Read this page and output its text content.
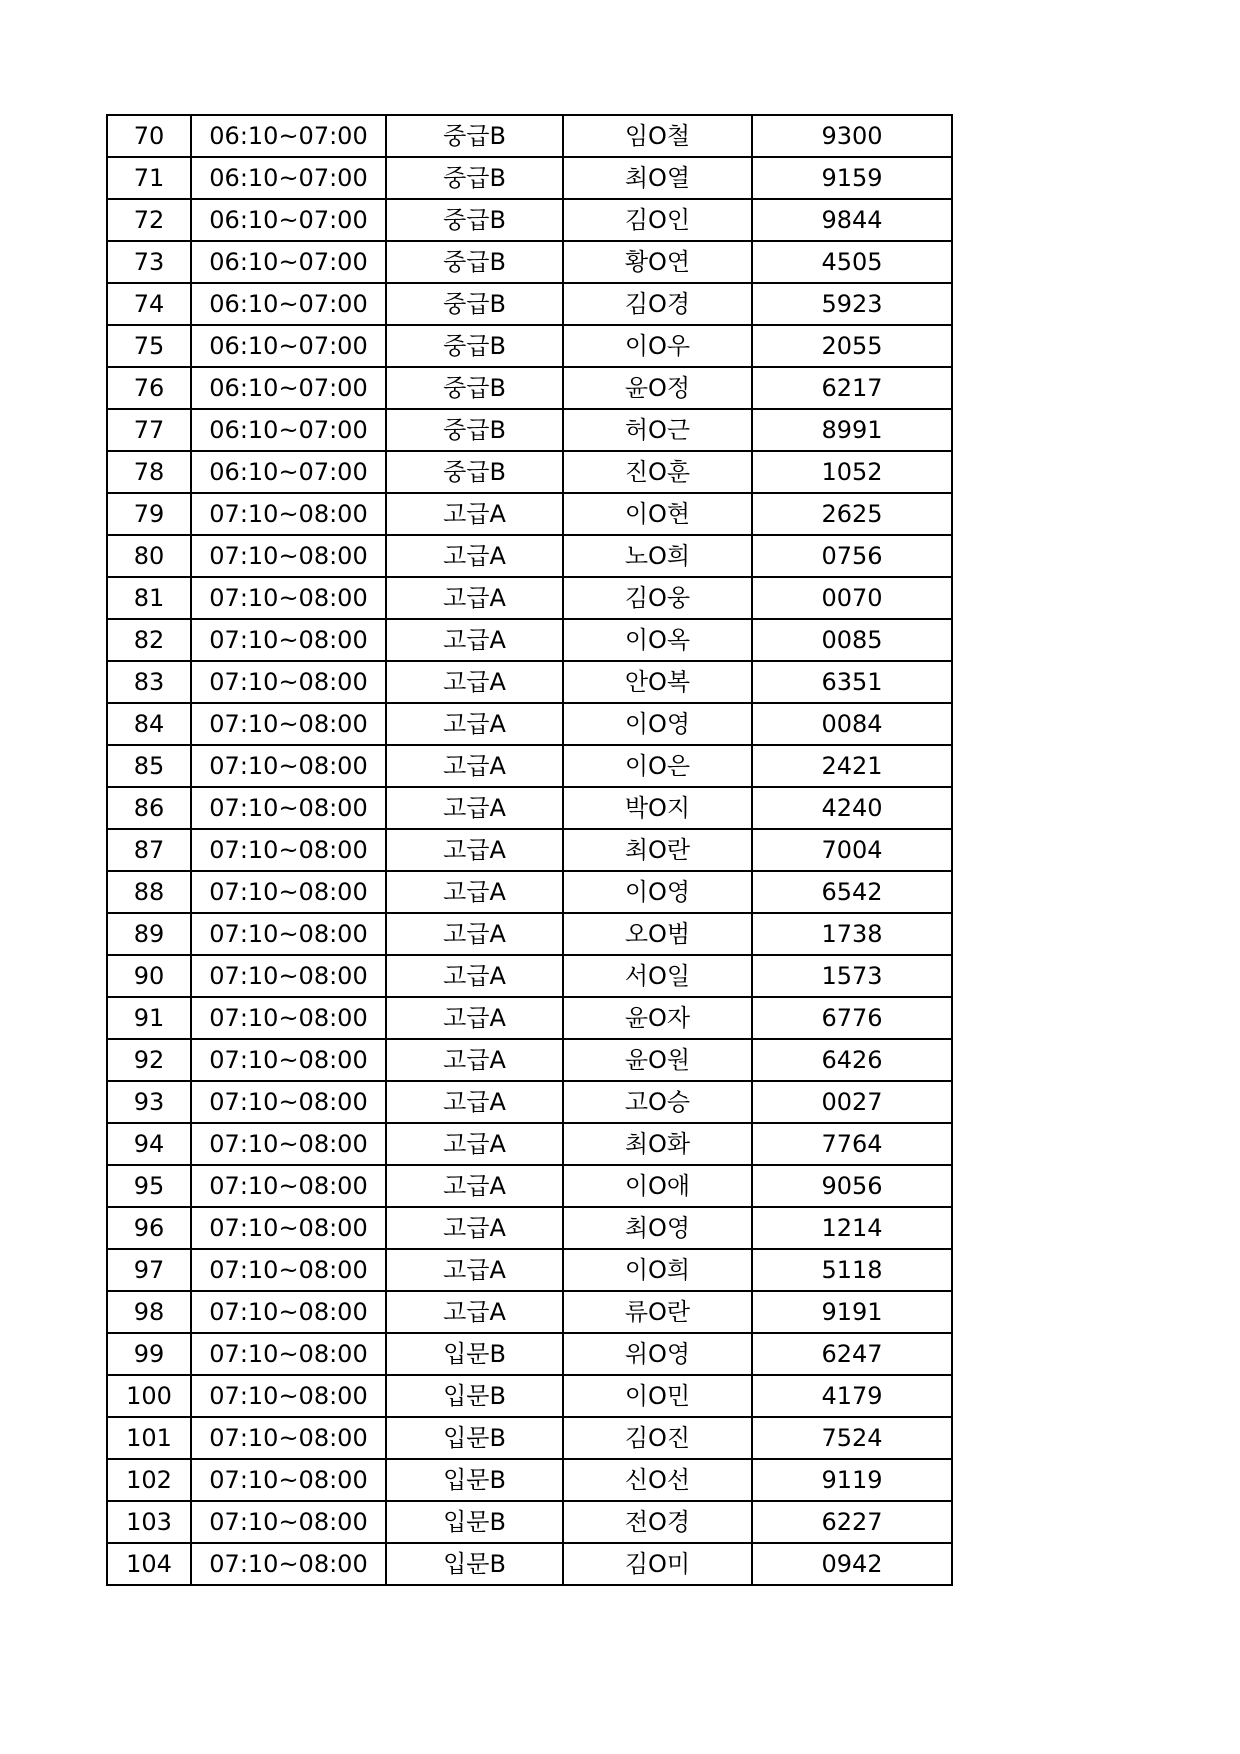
70	06:10~07:00	중급B	임O철	9300
71	06:10~07:00	중급B	최O열	9159
72	06:10~07:00	중급B	김O인	9844
73	06:10~07:00	중급B	황O연	4505
74	06:10~07:00	중급B	김O경	5923
75	06:10~07:00	중급B	이O우	2055
76	06:10~07:00	중급B	윤O정	6217
77	06:10~07:00	중급B	허O근	8991
78	06:10~07:00	중급B	진O훈	1052
79	07:10~08:00	고급A	이O현	2625
80	07:10~08:00	고급A	노O희	0756
81	07:10~08:00	고급A	김O웅	0070
82	07:10~08:00	고급A	이O옥	0085
83	07:10~08:00	고급A	안O복	6351
84	07:10~08:00	고급A	이O영	0084
85	07:10~08:00	고급A	이O은	2421
86	07:10~08:00	고급A	박O지	4240
87	07:10~08:00	고급A	최O란	7004
88	07:10~08:00	고급A	이O영	6542
89	07:10~08:00	고급A	오O범	1738
90	07:10~08:00	고급A	서O일	1573
91	07:10~08:00	고급A	윤O자	6776
92	07:10~08:00	고급A	윤O원	6426
93	07:10~08:00	고급A	고O승	0027
94	07:10~08:00	고급A	최O화	7764
95	07:10~08:00	고급A	이O애	9056
96	07:10~08:00	고급A	최O영	1214
97	07:10~08:00	고급A	이O희	5118
98	07:10~08:00	고급A	류O란	9191
99	07:10~08:00	입문B	위O영	6247
100	07:10~08:00	입문B	이O민	4179
101	07:10~08:00	입문B	김O진	7524
102	07:10~08:00	입문B	신O선	9119
103	07:10~08:00	입문B	전O경	6227
104	07:10~08:00	입문B	김O미	0942
